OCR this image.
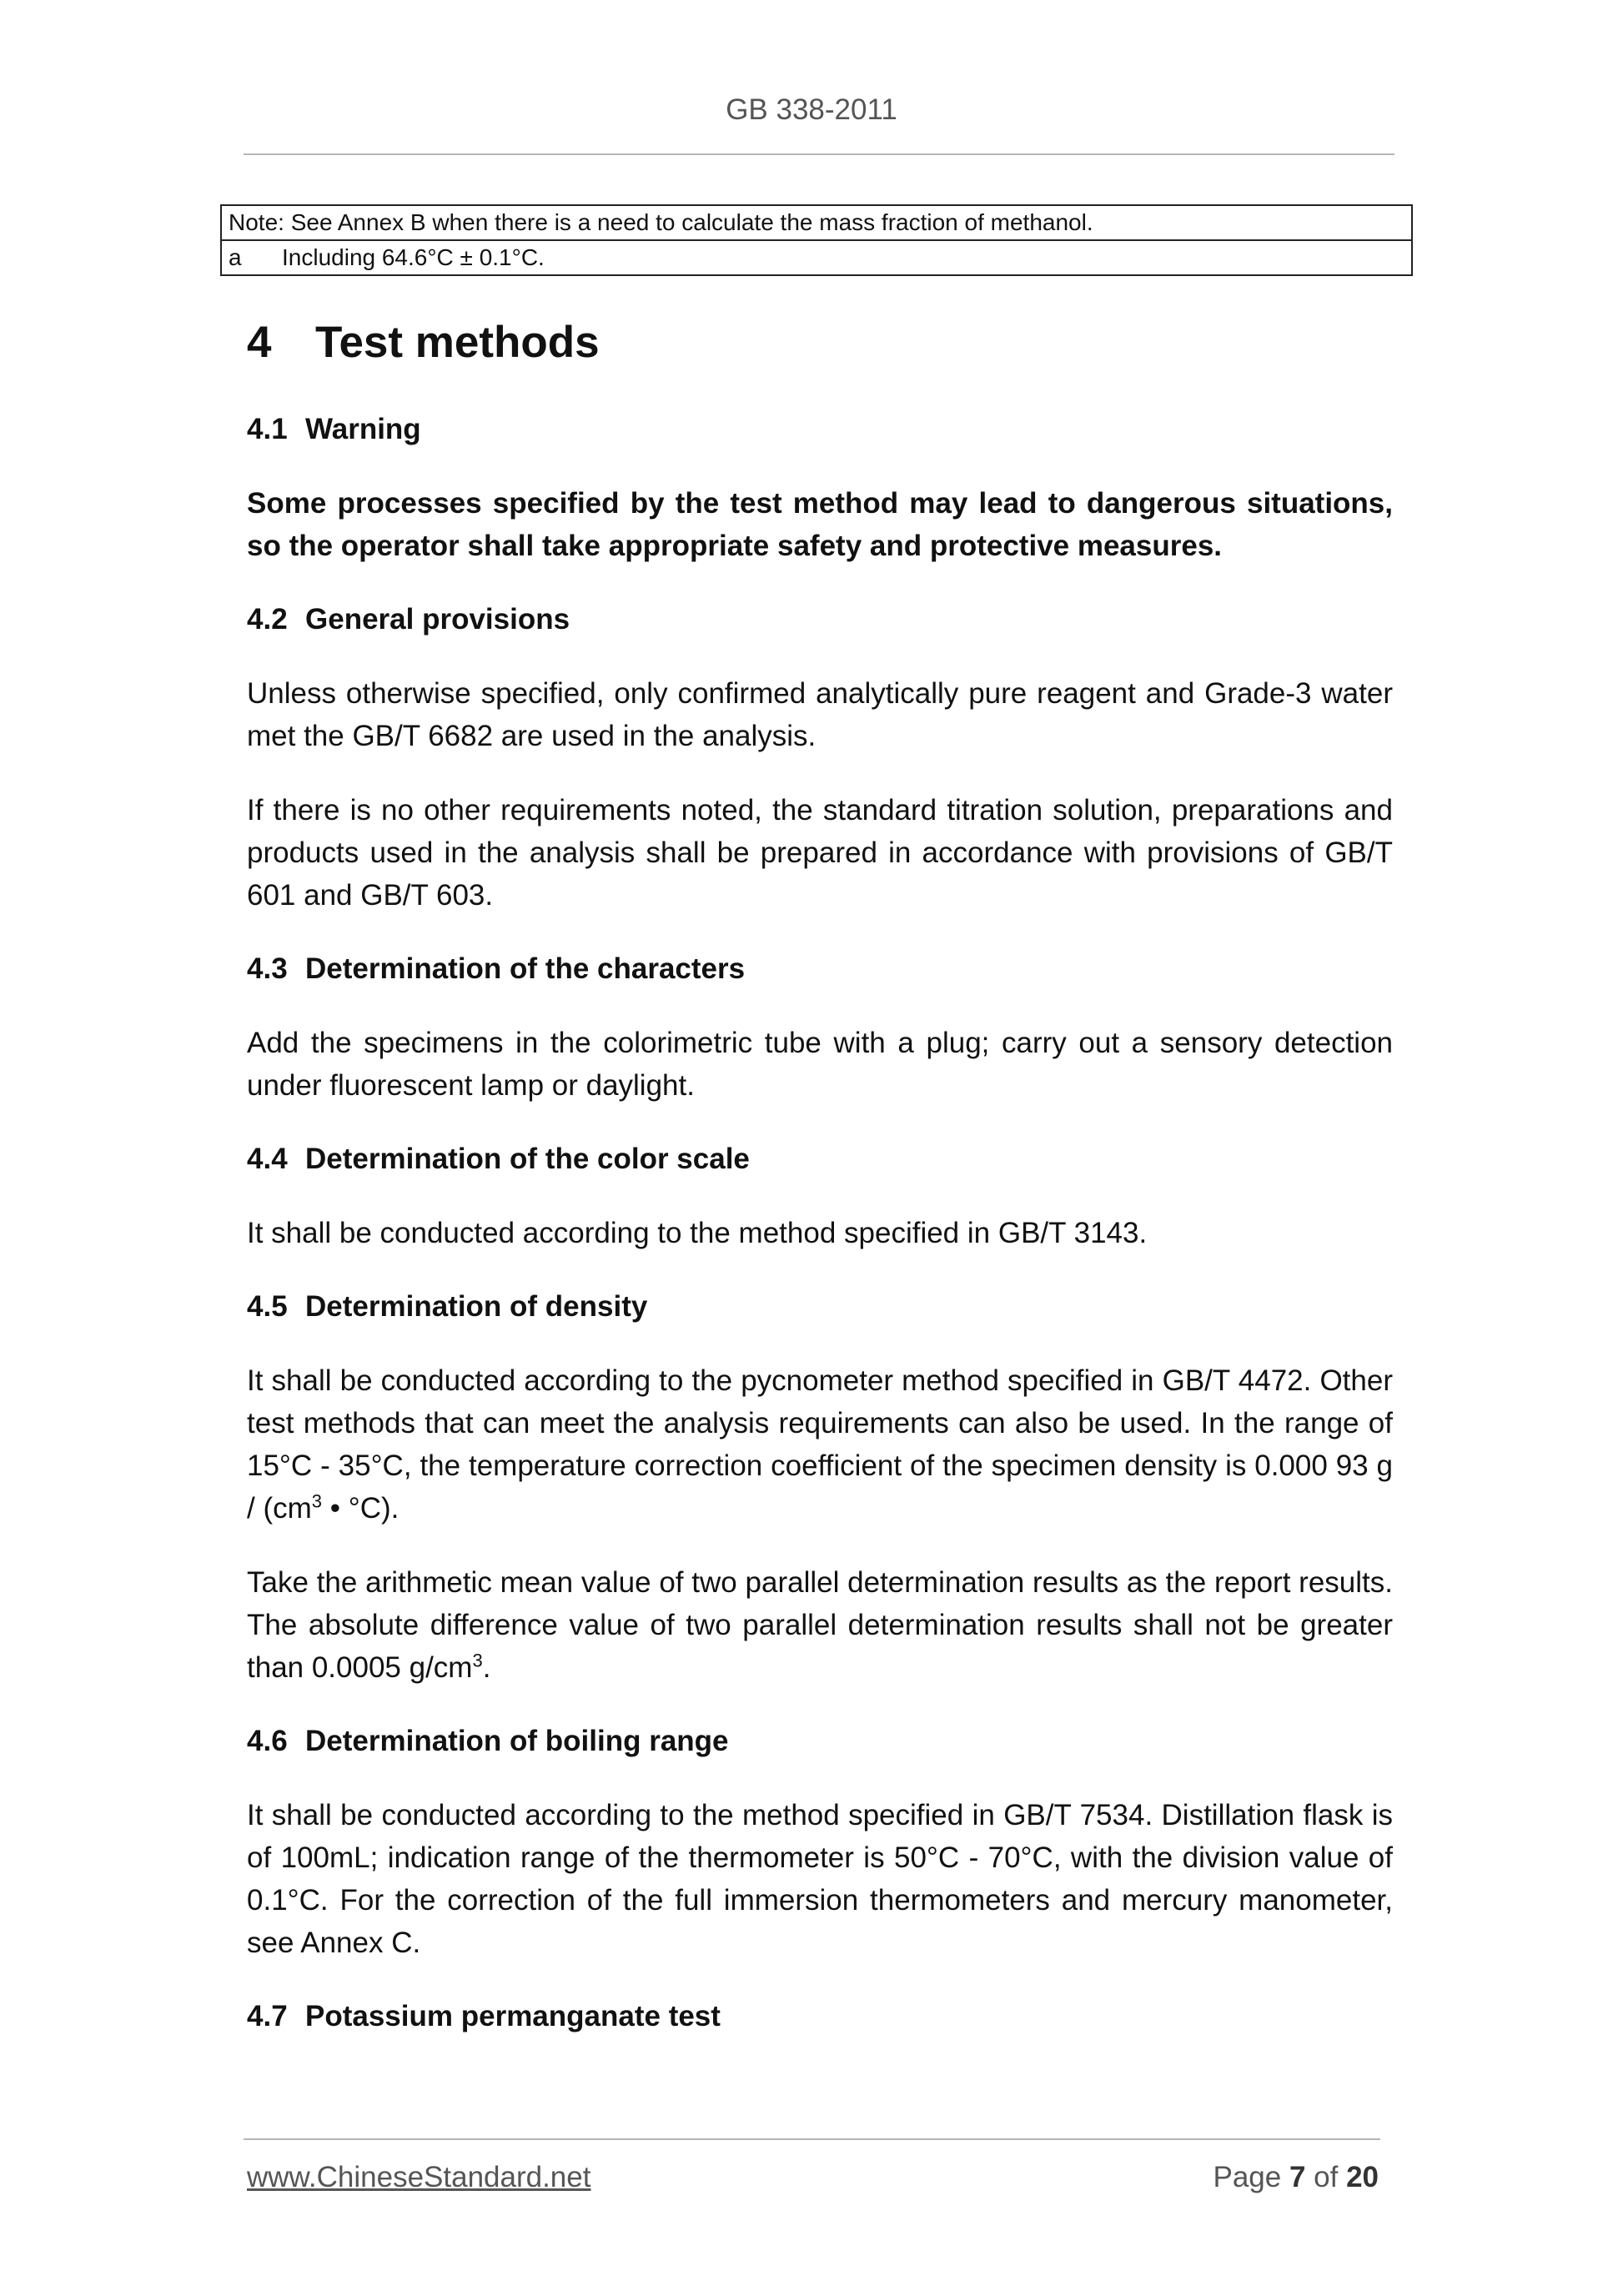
GB 338-2011
Note: See Annex B when there is a need to calculate the mass fraction of methanol.
a Including 64.6°C ± 0.1°C.
4 Test methods
4.1 Warning

Some processes specified by the test method may lead to dangerous situations, so the operator shall take appropriate safety and protective measures.

4.2 General provisions

Unless otherwise specified, only confirmed analytically pure reagent and Grade-3 water met the GB/T 6682 are used in the analysis.

If there is no other requirements noted, the standard titration solution, preparations and products used in the analysis shall be prepared in accordance with provisions of GB/T 601 and GB/T 603.

4.3 Determination of the characters

Add the specimens in the colorimetric tube with a plug; carry out a sensory detection under fluorescent lamp or daylight.

4.4 Determination of the color scale

It shall be conducted according to the method specified in GB/T 3143.

4.5 Determination of density

It shall be conducted according to the pycnometer method specified in GB/T 4472. Other test methods that can meet the analysis requirements can also be used. In the range of 15°C - 35°C, the temperature correction coefficient of the specimen density is 0.000 93 g / ($cm^3$ • °C).

Take the arithmetic mean value of two parallel determination results as the report results. The absolute difference value of two parallel determination results shall not be greater than 0.0005 $g/cm^3$.

4.6 Determination of boiling range

It shall be conducted according to the method specified in GB/T 7534. Distillation flask is of 100mL; indication range of the thermometer is 50°C - 70°C, with the division value of 0.1°C. For the correction of the full immersion thermometers and mercury manometer, see Annex C.

4.7 Potassium permanganate test
www.ChineseStandard.net	Page 7 of 20
